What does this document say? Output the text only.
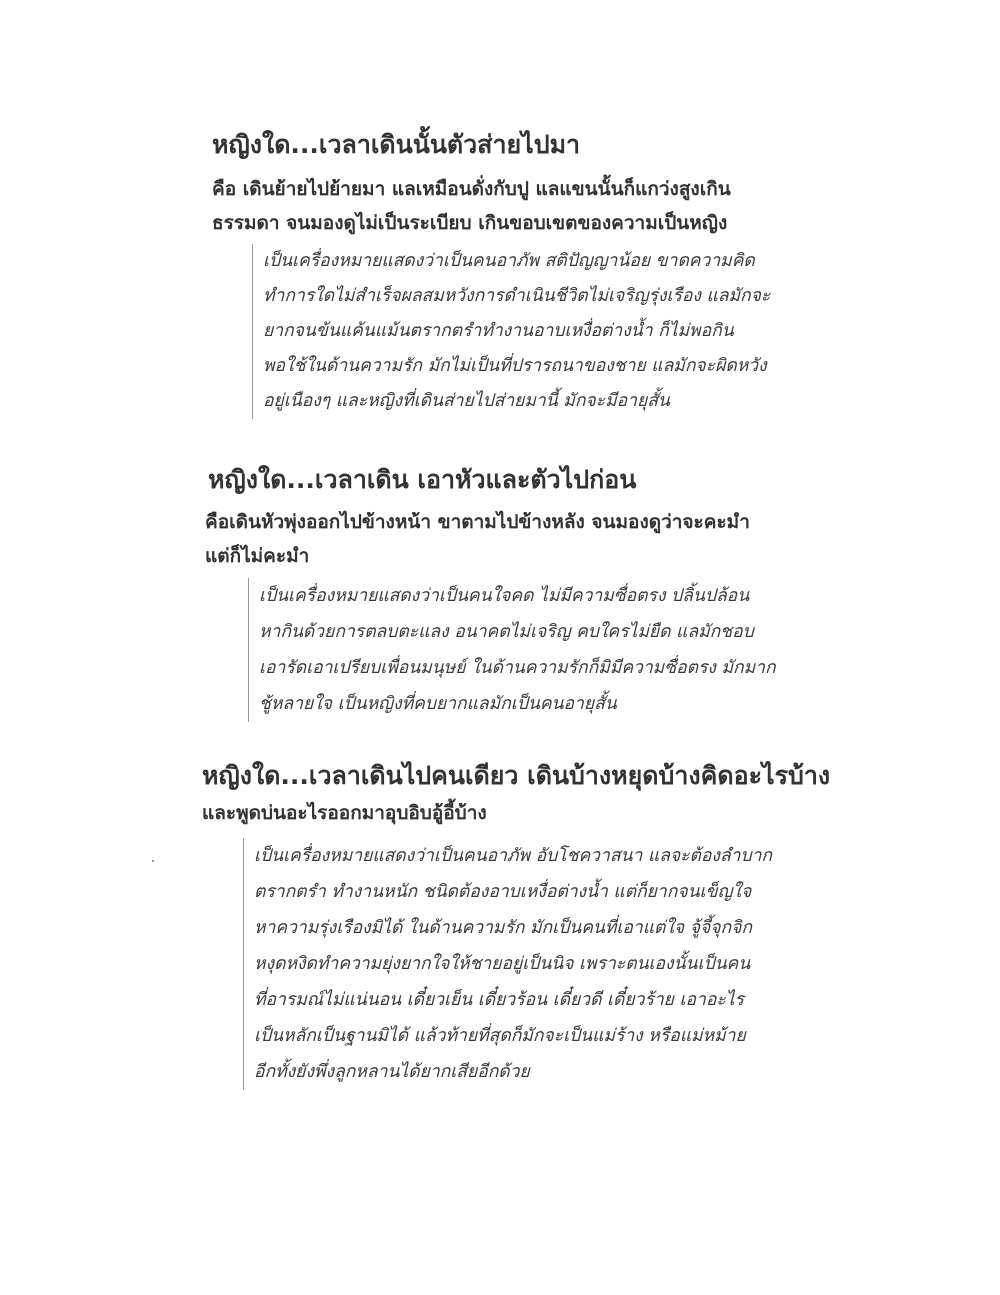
หญิงใด...เวลาเดินนั้นตัวส่ายไปมา
คือ เดินย้ายไปย้ายมา แลเหมือนดั่งกับปู แลแขนนั้นก็แกว่งสูงเกิน
ธรรมดา จนมองดูไม่เป็นระเบียบ เกินขอบเขตของความเป็นหญิง
เป็นเครื่องหมายแสดงว่าเป็นคนอาภัพ สติปัญญาน้อย ขาดความคิด
ทำการใดไม่สำเร็จผลสมหวังการดำเนินชีวิตไม่เจริญรุ่งเรือง แลมักจะ
ยากจนข้นแค้นแม้นตรากตรำทำงานอาบเหงื่อต่างน้ำ ก็ไม่พอกิน
พอใช้ในด้านความรัก มักไม่เป็นที่ปรารถนาของชาย แลมักจะผิดหวัง
อยู่เนืองๆ และหญิงที่เดินส่ายไปส่ายมานี้ มักจะมีอายุสั้น
หญิงใด...เวลาเดิน เอาหัวและตัวไปก่อน
คือเดินหัวพุ่งออกไปข้างหน้า ขาตามไปข้างหลัง จนมองดูว่าจะคะมำ
แต่ก็ไม่คะมำ
เป็นเครื่องหมายแสดงว่าเป็นคนใจคด ไม่มีความซื่อตรง ปลิ้นปล้อน
หากินด้วยการตลบตะแลง อนาคตไม่เจริญ คบใครไม่ยืด แลมักชอบ
เอารัดเอาเปรียบเพื่อนมนุษย์ ในด้านความรักก็มิมีความซื่อตรง มักมาก
ชู้หลายใจ เป็นหญิงที่คบยากแลมักเป็นคนอายุสั้น
หญิงใด...เวลาเดินไปคนเดียว เดินบ้างหยุดบ้างคิดอะไรบ้าง
และพูดบ่นอะไรออกมาอุบอิบอู้อี้บ้าง
เป็นเครื่องหมายแสดงว่าเป็นคนอาภัพ อับโชควาสนา แลจะต้องลำบาก
ตรากตรำ ทำงานหนัก ชนิดต้องอาบเหงื่อต่างน้ำ แต่ก็ยากจนเข็ญใจ
หาความรุ่งเรืองมิได้ ในด้านความรัก มักเป็นคนที่เอาแต่ใจ จู้จี้จุกจิก
หงุดหงิดทำความยุ่งยากใจให้ชายอยู่เป็นนิจ เพราะตนเองนั้นเป็นคน
ที่อารมณ์ไม่แน่นอน เดี๋ยวเย็น เดี๋ยวร้อน เดี๋ยวดี เดี๋ยวร้าย เอาอะไร
เป็นหลักเป็นฐานมิได้ แล้วท้ายที่สุดก็มักจะเป็นแม่ร้าง หรือแม่หม้าย
อีกทั้งยังพึ่งลูกหลานได้ยากเสียอีกด้วย
